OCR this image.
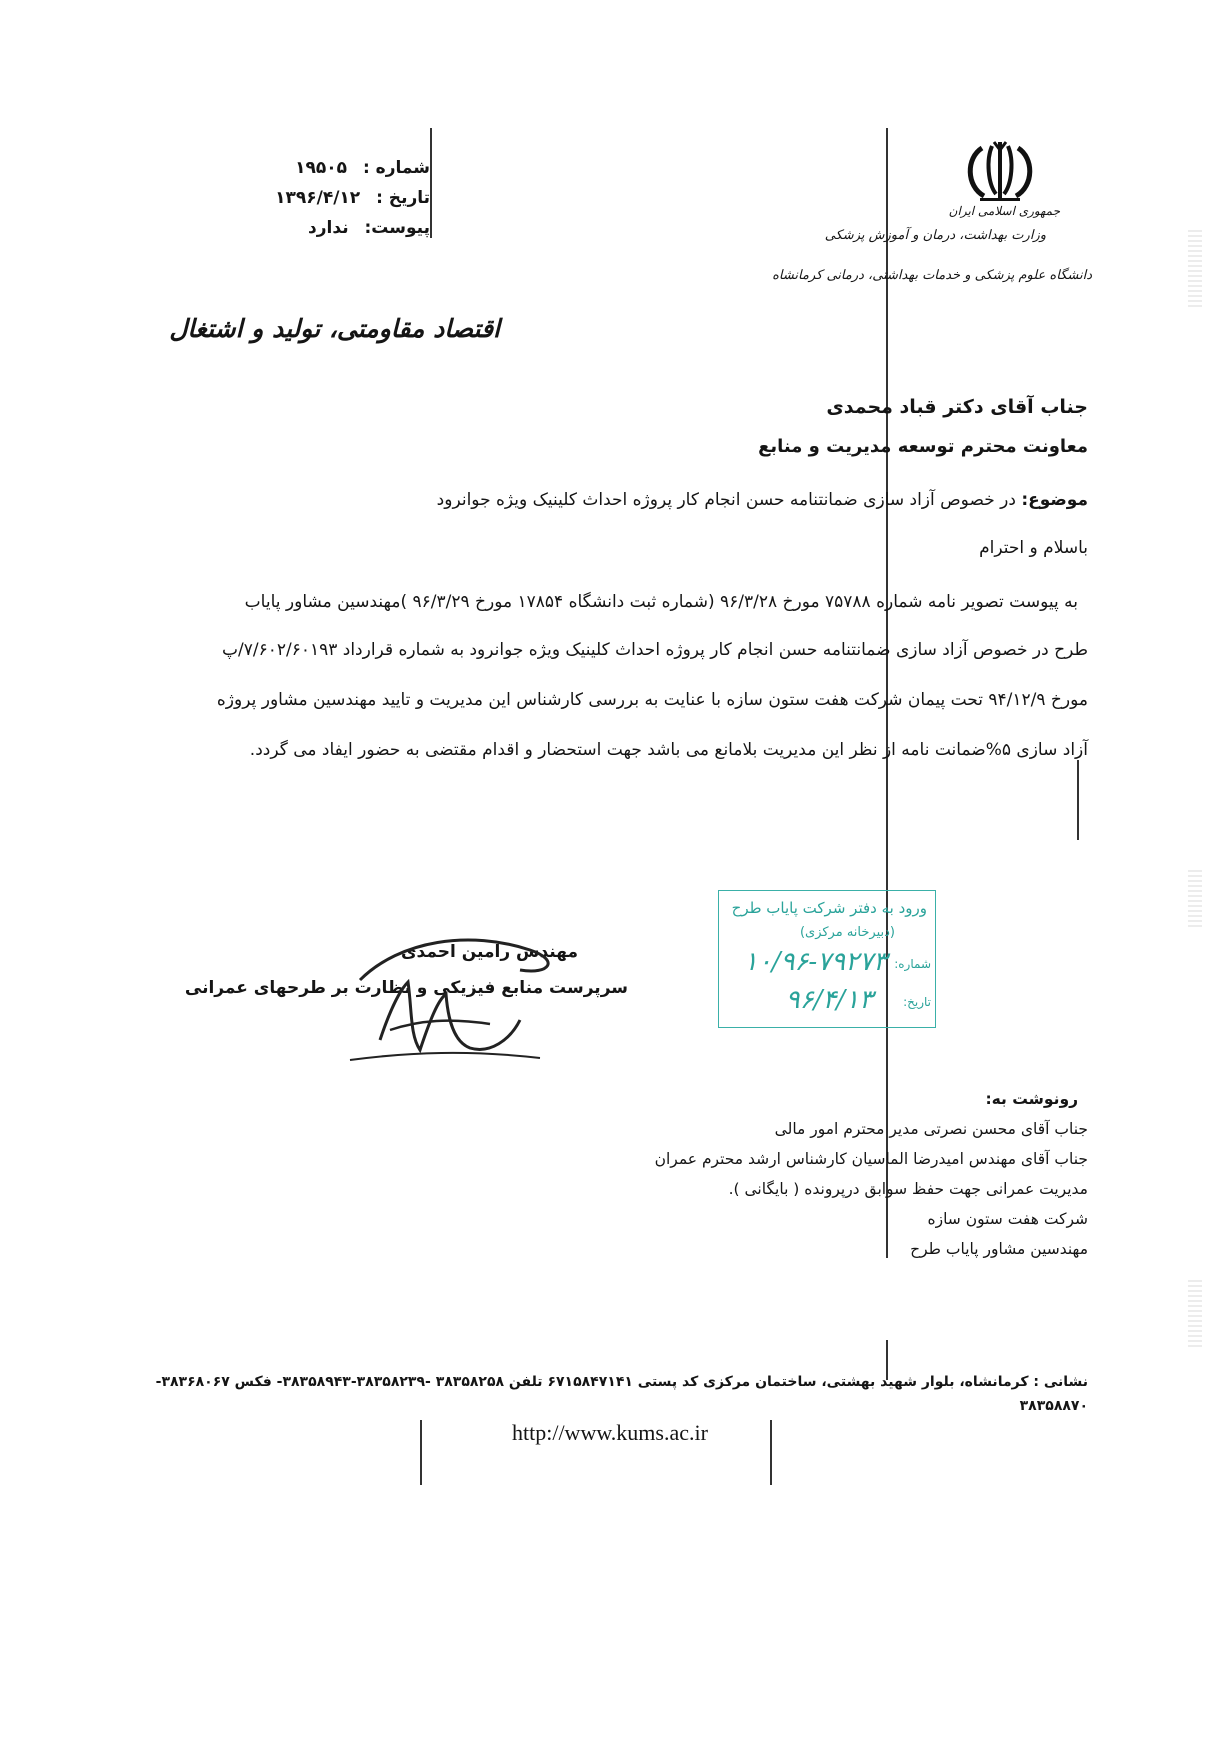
جمهوری اسلامی ایران
وزارت بهداشت، درمان و آموزش پزشکی
دانشگاه علوم پزشکی و خدمات بهداشتی، درمانی کرمانشاه
شماره : ۱۹۵۰۵
تاریخ : ۱۳۹۶/۴/۱۲
پیوست: ندارد
اقتصاد مقاومتی، تولید و اشتغال
جناب آقای دکتر قباد محمدی
معاونت محترم توسعه مدیریت و منابع
موضوع: در خصوص آزاد سازی ضمانتنامه حسن انجام کار پروژه احداث کلینیک ویژه جوانرود
باسلام و احترام
به پیوست تصویر نامه شماره ۷۵۷۸۸ مورخ ۹۶/۳/۲۸ (شماره ثبت دانشگاه ۱۷۸۵۴ مورخ ۹۶/۳/۲۹ )مهندسین مشاور پایاب
طرح در خصوص آزاد سازی ضمانتنامه حسن انجام کار پروژه احداث کلینیک ویژه جوانرود به شماره قرارداد ۷/۶۰۲/۶۰۱۹۳/پ
مورخ ۹۴/۱۲/۹ تحت پیمان شرکت هفت ستون سازه با عنایت به بررسی کارشناس این مدیریت و تایید مهندسین مشاور پروژه
آزاد سازی ۵%ضمانت نامه از نظر این مدیریت بلامانع می باشد جهت استحضار و اقدام مقتضی به حضور ایفاد می گردد.
مهندس رامین احمدی
سرپرست منابع فیزیکی و نظارت بر طرحهای عمرانی
ورود به دفتر شرکت پایاب طرح
(دبیرخانه مرکزی)
شماره:
۱۰/۹۶-۷۹۲۷۳
تاریخ:
۹۶/۴/۱۳
رونوشت به:
جناب آقای محسن نصرتی مدیر محترم امور مالی
جناب آقای مهندس امیدرضا الماسیان کارشناس ارشد محترم عمران
مدیریت عمرانی جهت حفظ سوابق درپرونده ( بایگانی ).
شرکت هفت ستون سازه
مهندسین مشاور پایاب طرح
نشانی : کرمانشاه، بلوار شهید بهشتی، ساختمان مرکزی کد پستی ۶۷۱۵۸۴۷۱۴۱ تلفن ۳۸۳۵۸۲۵۸ -۳۸۳۵۸۲۳۹-۳۸۳۵۸۹۴۳- فکس ۳۸۳۶۸۰۶۷-
۳۸۳۵۸۸۷۰
http://www.kums.ac.ir
